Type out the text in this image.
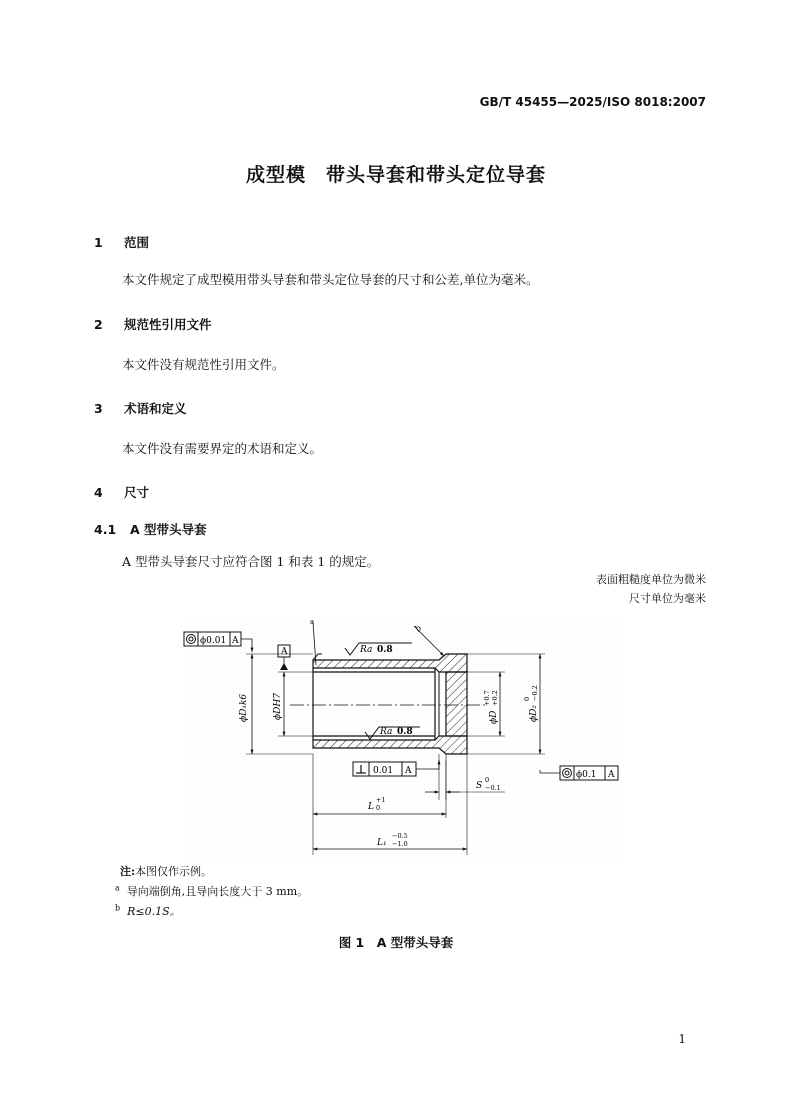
GB/T 45455—2025/ISO 8018:2007
成型模　带头导套和带头定位导套
1 范围
本文件规定了成型模用带头导套和带头定位导套的尺寸和公差,单位为毫米。
2 规范性引用文件
本文件没有规范性引用文件。
3 术语和定义
本文件没有需要界定的术语和定义。
4 尺寸
4.1 A 型带头导套
A 型带头导套尺寸应符合图 1 和表 1 的规定。
表面粗糙度单位为微米
尺寸单位为毫米
Ra 0.8
Ra 0.8
a
b
ϕ0.01 A
A
ϕD₁k6	ϕDH7	ϕD
+0.7 +0.2
ϕD₂
0 −0.2
ϕ0.1 A
0.01 A
S
0
−0.1
L
+1
0
L₁
−0.5
−1.0
注:本图仅作示例。
$^a$ 导向端倒角,且导向长度大于 3 mm。
$^b$ R≤0.1S。
图 1　A 型带头导套
1
